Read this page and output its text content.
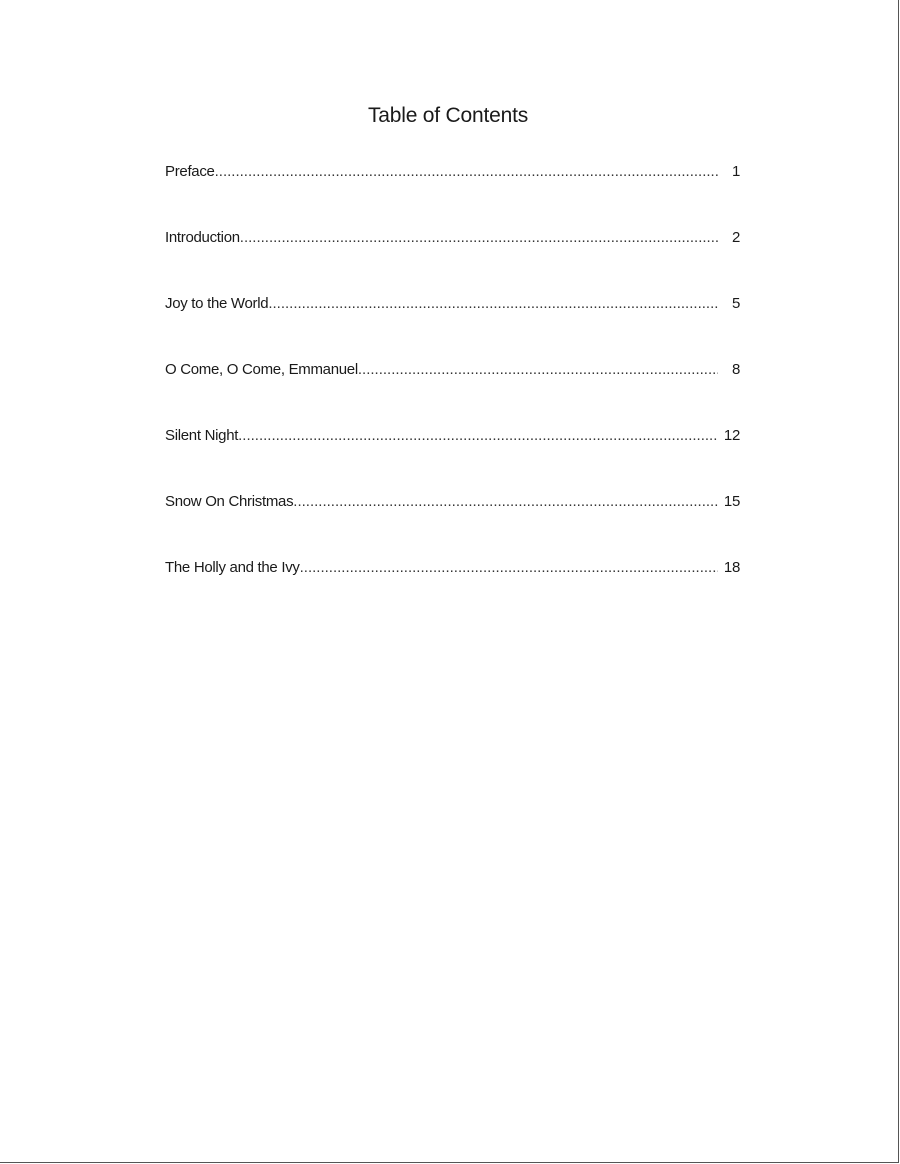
Table of Contents
Preface .....	1
Introduction .....	2
Joy to the World .....	5
O Come, O Come, Emmanuel .....	8
Silent Night .....	12
Snow On Christmas .....	15
The Holly and the Ivy .....	18
